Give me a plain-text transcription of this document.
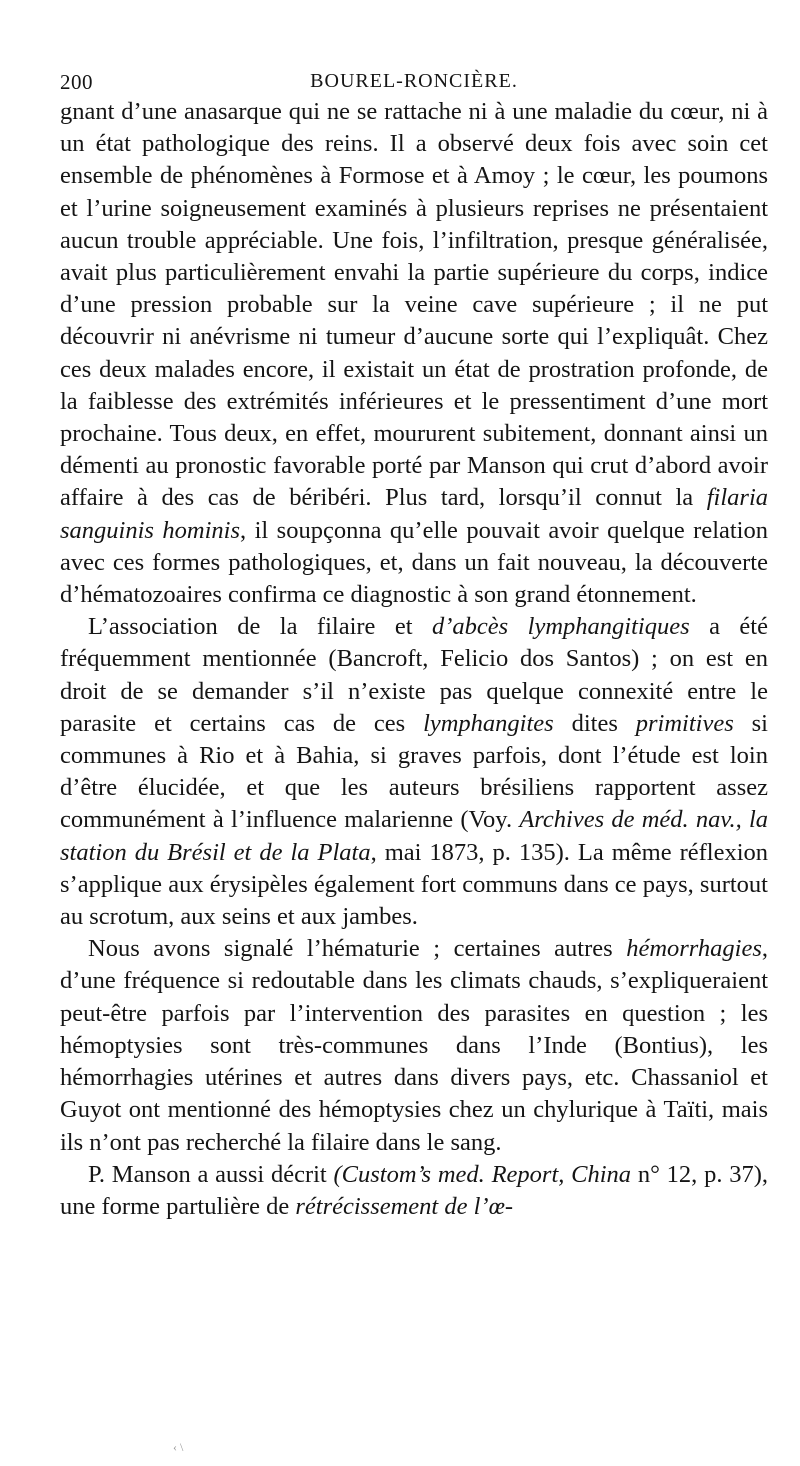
200	BOUREL-RONCIÈRE.

gnant d’une anasarque qui ne se rattache ni à une maladie du cœur, ni à un état pathologique des reins. Il a observé deux fois avec soin cet ensemble de phénomènes à Formose et à Amoy ; le cœur, les poumons et l’urine soigneusement examinés à plusieurs reprises ne présentaient aucun trouble appréciable. Une fois, l’infiltration, presque généralisée, avait plus particulièrement envahi la partie supérieure du corps, indice d’une pression probable sur la veine cave supérieure ; il ne put découvrir ni anévrisme ni tumeur d’aucune sorte qui l’expliquât. Chez ces deux malades encore, il existait un état de prostration profonde, de la faiblesse des extrémités inférieures et le pressentiment d’une mort prochaine. Tous deux, en effet, moururent subitement, donnant ainsi un démenti au pronostic favorable porté par Manson qui crut d’abord avoir affaire à des cas de béribéri. Plus tard, lorsqu’il connut la filaria sanguinis hominis, il soupçonna qu’elle pouvait avoir quelque relation avec ces formes pathologiques, et, dans un fait nouveau, la découverte d’hématozoaires confirma ce diagnostic à son grand étonnement.

L’association de la filaire et d’abcès lymphangitiques a été fréquemment mentionnée (Bancroft, Felicio dos Santos) ; on est en droit de se demander s’il n’existe pas quelque connexité entre le parasite et certains cas de ces lymphangites dites primitives si communes à Rio et à Bahia, si graves parfois, dont l’étude est loin d’être élucidée, et que les auteurs brésiliens rapportent assez communément à l’influence malarienne (Voy. Archives de méd. nav., la station du Brésil et de la Plata, mai 1873, p. 135). La même réflexion s’applique aux érysipèles également fort communs dans ce pays, surtout au scrotum, aux seins et aux jambes.

Nous avons signalé l’hématurie ; certaines autres hémorrhagies, d’une fréquence si redoutable dans les climats chauds, s’expliqueraient peut-être parfois par l’intervention des parasites en question ; les hémoptysies sont très-communes dans l’Inde (Bontius), les hémorrhagies utérines et autres dans divers pays, etc. Chassaniol et Guyot ont mentionné des hémoptysies chez un chylurique à Taïti, mais ils n’ont pas recherché la filaire dans le sang.

P. Manson a aussi décrit (Custom’s med. Report, China n° 12, p. 37), une forme partulière de rétrécissement de l’œ-

‹ \
